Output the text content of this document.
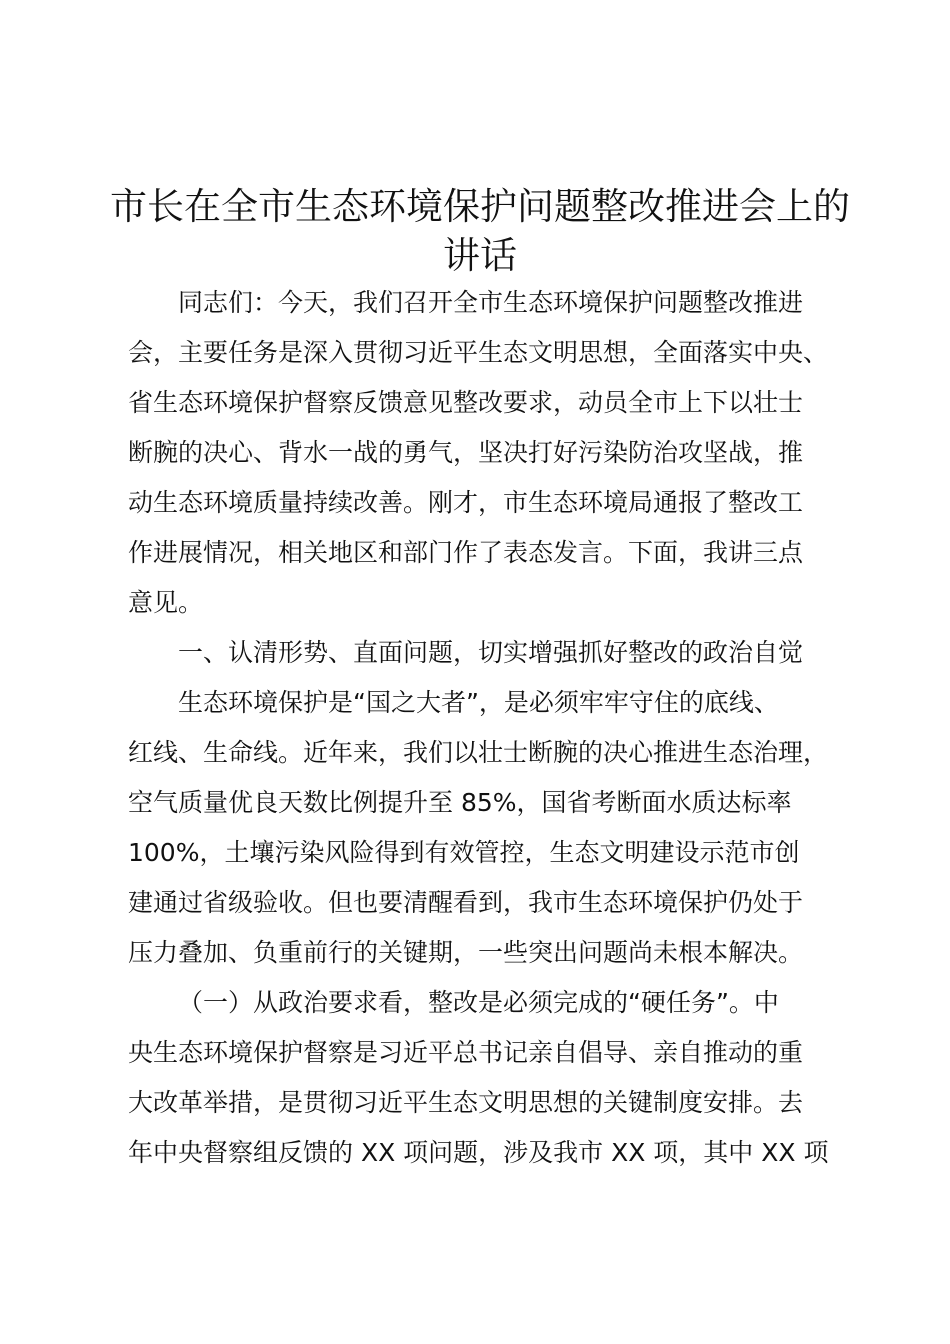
市长在全市生态环境保护问题整改推进会上的
讲话
同志们：今天，我们召开全市生态环境保护问题整改推进
会，主要任务是深入贯彻习近平生态文明思想，全面落实中央、
省生态环境保护督察反馈意见整改要求，动员全市上下以壮士
断腕的决心、背水一战的勇气，坚决打好污染防治攻坚战，推
动生态环境质量持续改善。刚才，市生态环境局通报了整改工
作进展情况，相关地区和部门作了表态发言。下面，我讲三点
意见。
一、认清形势、直面问题，切实增强抓好整改的政治自觉
生态环境保护是“国之大者”，是必须牢牢守住的底线、
红线、生命线。近年来，我们以壮士断腕的决心推进生态治理，
空气质量优良天数比例提升至 85%，国省考断面水质达标率
100%，土壤污染风险得到有效管控，生态文明建设示范市创
建通过省级验收。但也要清醒看到，我市生态环境保护仍处于
压力叠加、负重前行的关键期，一些突出问题尚未根本解决。
（一）从政治要求看，整改是必须完成的“硬任务”。中
央生态环境保护督察是习近平总书记亲自倡导、亲自推动的重
大改革举措，是贯彻习近平生态文明思想的关键制度安排。去
年中央督察组反馈的 XX 项问题，涉及我市 XX 项，其中 XX 项
